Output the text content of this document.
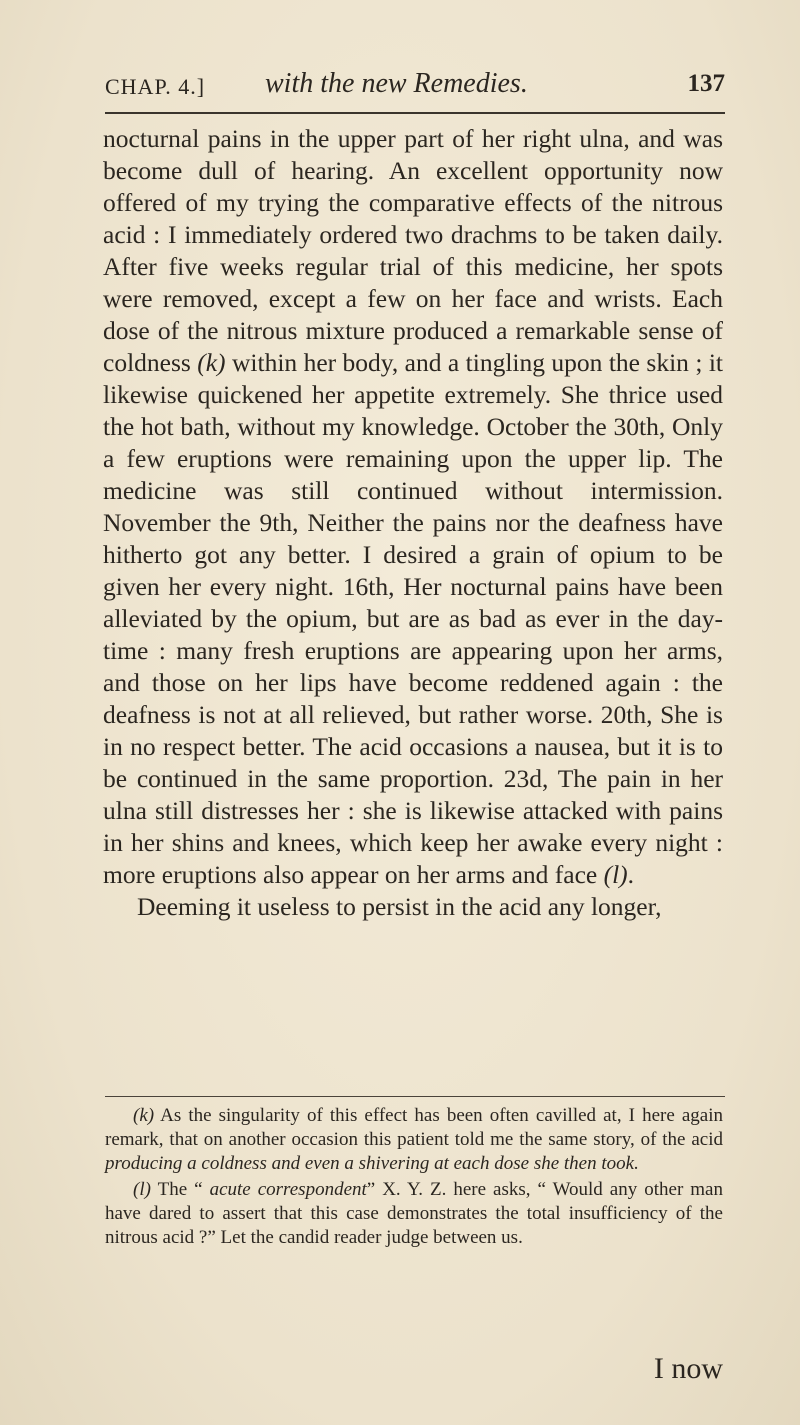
CHAP. 4.] with the new Remedies.	137

nocturnal pains in the upper part of her right ulna, and was become dull of hearing. An excellent opportunity now offered of my trying the comparative effects of the nitrous acid : I immediately ordered two drachms to be taken daily. After five weeks regular trial of this medicine, her spots were removed, except a few on her face and wrists. Each dose of the nitrous mixture produced a remarkable sense of coldness (k) within her body, and a tingling upon the skin ; it likewise quickened her appetite extremely. She thrice used the hot bath, without my knowledge. October the 30th, Only a few eruptions were remaining upon the upper lip. The medicine was still continued without intermission. November the 9th, Neither the pains nor the deafness have hitherto got any better. I desired a grain of opium to be given her every night. 16th, Her nocturnal pains have been alleviated by the opium, but are as bad as ever in the day-time : many fresh eruptions are appearing upon her arms, and those on her lips have become reddened again : the deafness is not at all relieved, but rather worse. 20th, She is in no respect better. The acid occasions a nausea, but it is to be continued in the same proportion. 23d, The pain in her ulna still distresses her : she is likewise attacked with pains in her shins and knees, which keep her awake every night : more eruptions also appear on her arms and face (l).

Deeming it useless to persist in the acid any longer,

(k) As the singularity of this effect has been often cavilled at, I here again remark, that on another occasion this patient told me the same story, of the acid producing a coldness and even a shivering at each dose she then took.

(l) The “ acute correspondent” X. Y. Z. here asks, “ Would any other man have dared to assert that this case demonstrates the total insufficiency of the nitrous acid ?” Let the candid reader judge between us.

I now
